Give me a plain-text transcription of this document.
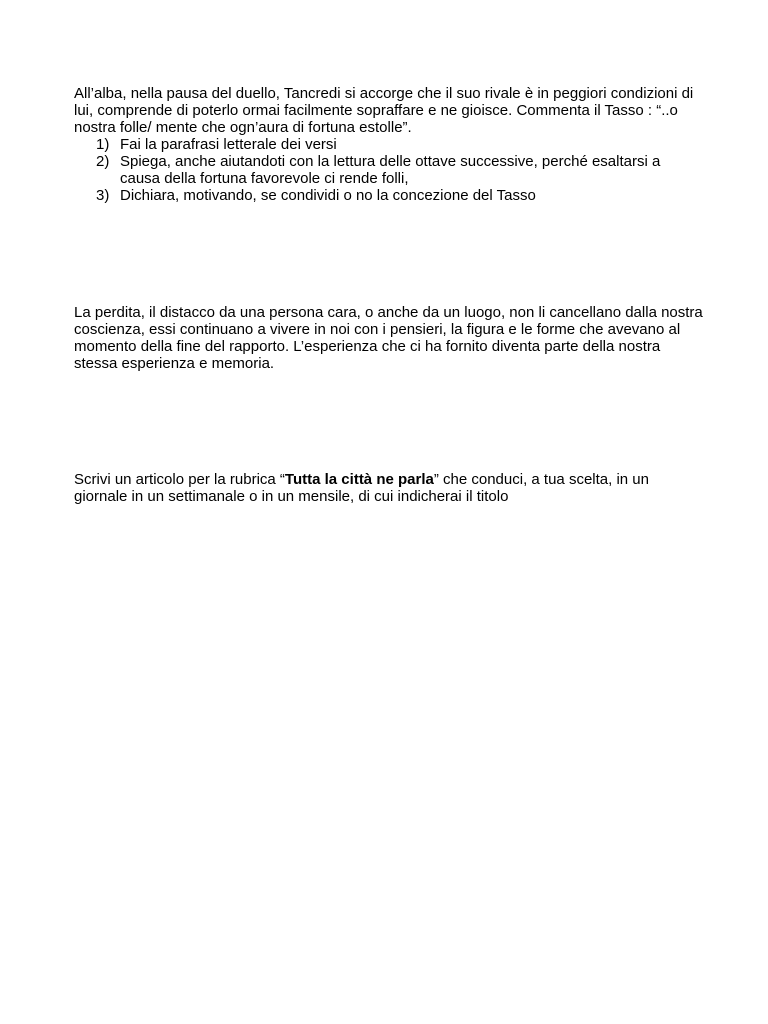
All’alba, nella pausa del duello, Tancredi si accorge che il suo rivale è in peggiori condizioni di lui, comprende di poterlo ormai facilmente sopraffare e ne gioisce. Commenta il Tasso : “..o nostra folle/ mente che ogn’aura di fortuna estolle”.

1) Fai la parafrasi letterale dei versi
2) Spiega, anche aiutandoti con la lettura delle ottave successive, perché esaltarsi a causa della fortuna favorevole ci rende folli,
3) Dichiara, motivando, se condividi o no la concezione del Tasso

La perdita, il distacco da una persona cara, o anche da un luogo, non li cancellano dalla nostra coscienza, essi continuano a vivere in noi con i pensieri, la figura e le forme che avevano al momento della fine del rapporto. L’esperienza che ci ha fornito diventa parte della nostra stessa esperienza e memoria.

Scrivi un articolo per la rubrica “Tutta la città ne parla” che conduci, a tua scelta, in un giornale in un settimanale o in un mensile, di cui indicherai il titolo
